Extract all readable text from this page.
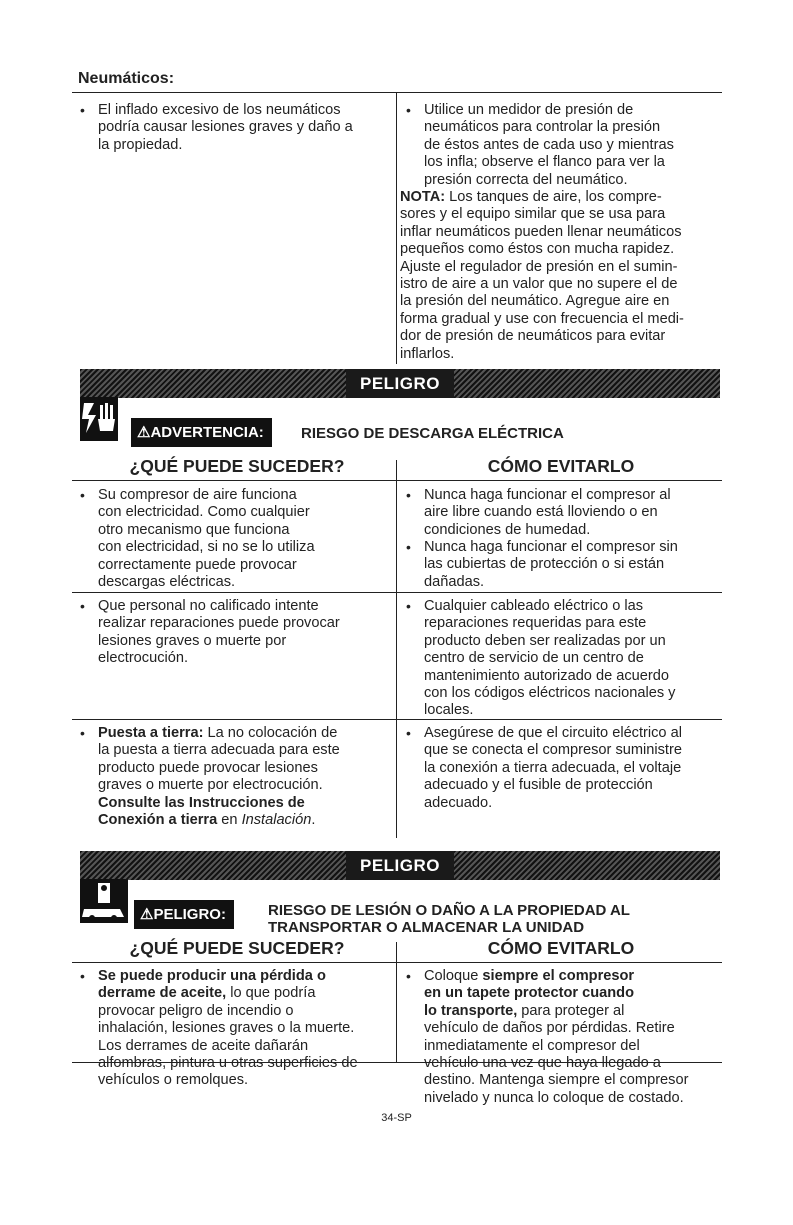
Neumáticos:
• El inflado excesivo de los neumáticos
podría causar lesiones graves y daño a
la propiedad.
• Utilice un medidor de presión de
neumáticos para controlar la presión
de éstos antes de cada uso y mientras
los infla; observe el flanco para ver la
presión correcta del neumático.
NOTA: Los tanques de aire, los compre-
sores y el equipo similar que se usa para
inflar neumáticos pueden llenar neumáticos
pequeños como éstos con mucha rapidez.
Ajuste el regulador de presión en el sumin-
istro de aire a un valor que no supere el de
la presión del neumático. Agregue aire en
forma gradual y use con frecuencia el medi-
dor de presión de neumáticos para evitar
inflarlos.
PELIGRO
⚠ADVERTENCIA:	RIESGO DE DESCARGA ELÉCTRICA
¿QUÉ PUEDE SUCEDER?	CÓMO EVITARLO
• Su compresor de aire funciona
con electricidad. Como cualquier
otro mecanismo que funciona
con electricidad, si no se lo utiliza
correctamente puede provocar
descargas eléctricas.
• Nunca haga funcionar el compresor al
aire libre cuando está lloviendo o en
condiciones de humedad.
• Nunca haga funcionar el compresor sin
las cubiertas de protección o si están
dañadas.
• Que personal no calificado intente
realizar reparaciones puede provocar
lesiones graves o muerte por
electrocución.
• Cualquier cableado eléctrico o las
reparaciones requeridas para este
producto deben ser realizadas por un
centro de servicio de un centro de
mantenimiento autorizado de acuerdo
con los códigos eléctricos nacionales y
locales.
• Puesta a tierra: La no colocación de
la puesta a tierra adecuada para este
producto puede provocar lesiones
graves o muerte por electrocución.
Consulte las Instrucciones de
Conexión a tierra en Instalación.
• Asegúrese de que el circuito eléctrico al
que se conecta el compresor suministre
la conexión a tierra adecuada, el voltaje
adecuado y el fusible de protección
adecuado.
PELIGRO
⚠PELIGRO:	RIESGO DE LESIÓN O DAÑO A LA PROPIEDAD AL
TRANSPORTAR O ALMACENAR LA UNIDAD
¿QUÉ PUEDE SUCEDER?	CÓMO EVITARLO
• Se puede producir una pérdida o
derrame de aceite, lo que podría
provocar peligro de incendio o
inhalación, lesiones graves o la muerte.
Los derrames de aceite dañarán
alfombras, pintura u otras superficies de
vehículos o remolques.
• Coloque siempre el compresor
en un tapete protector cuando
lo transporte, para proteger al
vehículo de daños por pérdidas. Retire
inmediatamente el compresor del
vehículo una vez que haya llegado a
destino. Mantenga siempre el compresor
nivelado y nunca lo coloque de costado.
34-SP
